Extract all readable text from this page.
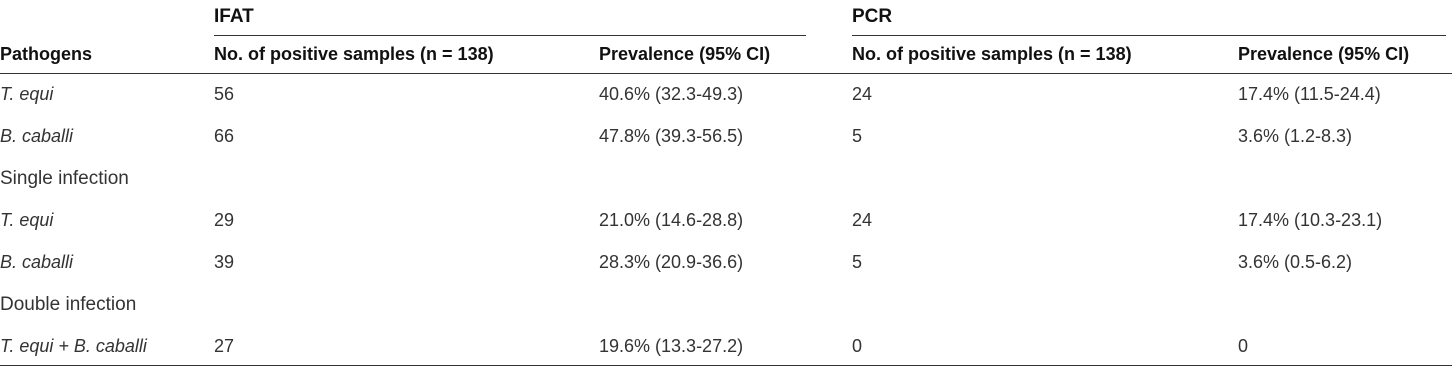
IFAT	PCR
Pathogens	No. of positive samples (n = 138)	Prevalence (95% CI)	No. of positive samples (n = 138)	Prevalence (95% CI)
T. equi	56	40.6% (32.3-49.3)	24	17.4% (11.5-24.4)
B. caballi	66	47.8% (39.3-56.5)	5	3.6% (1.2-8.3)
Single infection
T. equi	29	21.0% (14.6-28.8)	24	17.4% (10.3-23.1)
B. caballi	39	28.3% (20.9-36.6)	5	3.6% (0.5-6.2)
Double infection
T. equi + B. caballi	27	19.6% (13.3-27.2)	0	0
